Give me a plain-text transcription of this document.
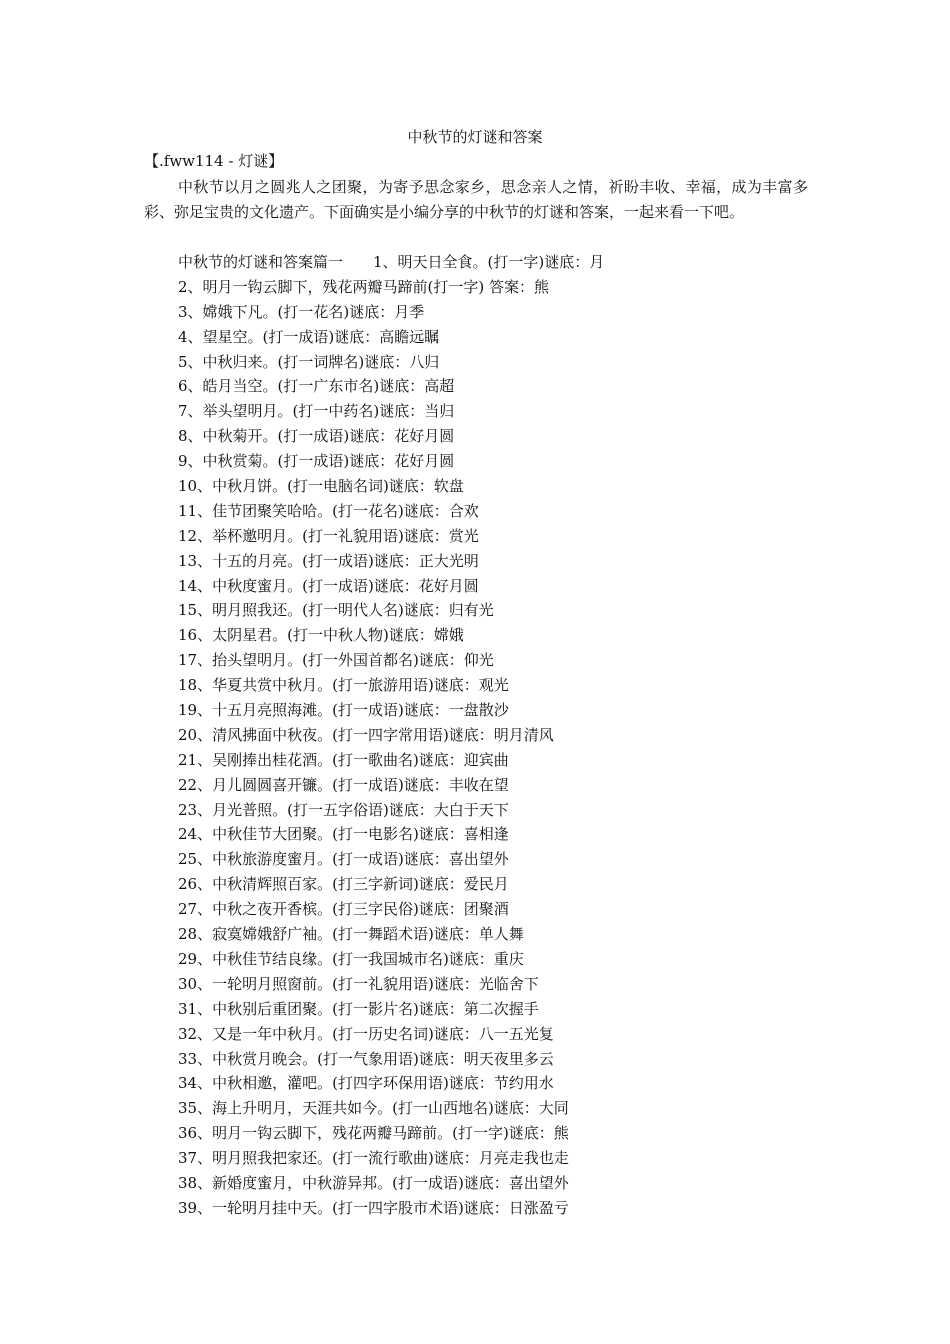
中秋节的灯谜和答案
【.fww114 - 灯谜】

中秋节以月之圆兆人之团聚，为寄予思念家乡，思念亲人之情，祈盼丰收、幸福，成为丰富多彩、弥足宝贵的文化遗产。下面确实是小编分享的中秋节的灯谜和答案，一起来看一下吧。

中秋节的灯谜和答案篇一　　1、明天日全食。(打一字)谜底：月
2、明月一钩云脚下，残花两瓣马蹄前(打一字) 答案：熊
3、嫦娥下凡。(打一花名)谜底：月季
4、望星空。(打一成语)谜底：高瞻远瞩
5、中秋归来。(打一词牌名)谜底：八归
6、皓月当空。(打一广东市名)谜底：高超
7、举头望明月。(打一中药名)谜底：当归
8、中秋菊开。(打一成语)谜底：花好月圆
9、中秋赏菊。(打一成语)谜底：花好月圆
10、中秋月饼。(打一电脑名词)谜底：软盘
11、佳节团聚笑哈哈。(打一花名)谜底：合欢
12、举杯邀明月。(打一礼貌用语)谜底：赏光
13、十五的月亮。(打一成语)谜底：正大光明
14、中秋度蜜月。(打一成语)谜底：花好月圆
15、明月照我还。(打一明代人名)谜底：归有光
16、太阴星君。(打一中秋人物)谜底：嫦娥
17、抬头望明月。(打一外国首都名)谜底：仰光
18、华夏共赏中秋月。(打一旅游用语)谜底：观光
19、十五月亮照海滩。(打一成语)谜底：一盘散沙
20、清风拂面中秋夜。(打一四字常用语)谜底：明月清风
21、吴刚捧出桂花酒。(打一歌曲名)谜底：迎宾曲
22、月儿圆圆喜开镰。(打一成语)谜底：丰收在望
23、月光普照。(打一五字俗语)谜底：大白于天下
24、中秋佳节大团聚。(打一电影名)谜底：喜相逢
25、中秋旅游度蜜月。(打一成语)谜底：喜出望外
26、中秋清辉照百家。(打三字新词)谜底：爱民月
27、中秋之夜开香槟。(打三字民俗)谜底：团聚酒
28、寂寞嫦娥舒广袖。(打一舞蹈术语)谜底：单人舞
29、中秋佳节结良缘。(打一我国城市名)谜底：重庆
30、一轮明月照窗前。(打一礼貌用语)谜底：光临舍下
31、中秋别后重团聚。(打一影片名)谜底：第二次握手
32、又是一年中秋月。(打一历史名词)谜底：八一五光复
33、中秋赏月晚会。(打一气象用语)谜底：明天夜里多云
34、中秋相邀，灌吧。(打四字环保用语)谜底：节约用水
35、海上升明月，天涯共如今。(打一山西地名)谜底：大同
36、明月一钩云脚下，残花两瓣马蹄前。(打一字)谜底：熊
37、明月照我把家还。(打一流行歌曲)谜底：月亮走我也走
38、新婚度蜜月，中秋游异邦。(打一成语)谜底：喜出望外
39、一轮明月挂中天。(打一四字股市术语)谜底：日涨盈亏
